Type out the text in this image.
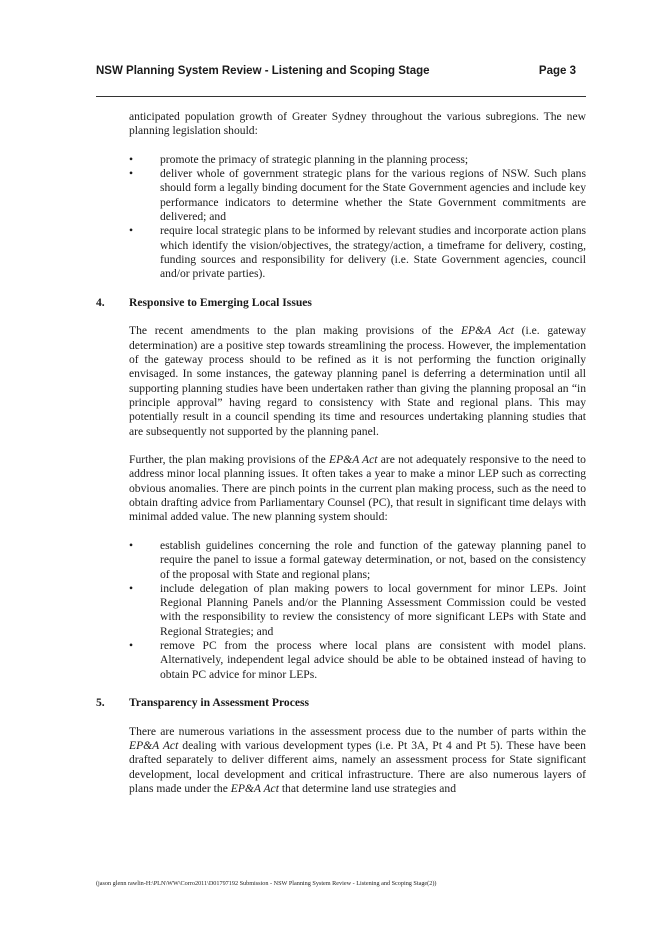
NSW Planning System Review - Listening and Scoping Stage	Page 3

anticipated population growth of Greater Sydney throughout the various subregions. The new planning legislation should:

•	promote the primacy of strategic planning in the planning process;
•	deliver whole of government strategic plans for the various regions of NSW. Such plans should form a legally binding document for the State Government agencies and include key performance indicators to determine whether the State Government commitments are delivered; and
•	require local strategic plans to be informed by relevant studies and incorporate action plans which identify the vision/objectives, the strategy/action, a timeframe for delivery, costing, funding sources and responsibility for delivery (i.e. State Government agencies, council and/or private parties).
4. Responsive to Emerging Local Issues

The recent amendments to the plan making provisions of the EP&A Act (i.e. gateway determination) are a positive step towards streamlining the process. However, the implementation of the gateway process should to be refined as it is not performing the function originally envisaged. In some instances, the gateway planning panel is deferring a determination until all supporting planning studies have been undertaken rather than giving the planning proposal an “in principle approval” having regard to consistency with State and regional plans. This may potentially result in a council spending its time and resources undertaking planning studies that are subsequently not supported by the planning panel.

Further, the plan making provisions of the EP&A Act are not adequately responsive to the need to address minor local planning issues. It often takes a year to make a minor LEP such as correcting obvious anomalies. There are pinch points in the current plan making process, such as the need to obtain drafting advice from Parliamentary Counsel (PC), that result in significant time delays with minimal added value. The new planning system should:

•	establish guidelines concerning the role and function of the gateway planning panel to require the panel to issue a formal gateway determination, or not, based on the consistency of the proposal with State and regional plans;
•	include delegation of plan making powers to local government for minor LEPs. Joint Regional Planning Panels and/or the Planning Assessment Commission could be vested with the responsibility to review the consistency of more significant LEPs with State and Regional Strategies; and
•	remove PC from the process where local plans are consistent with model plans. Alternatively, independent legal advice should be able to be obtained instead of having to obtain PC advice for minor LEPs.
5. Transparency in Assessment Process

There are numerous variations in the assessment process due to the number of parts within the EP&A Act dealing with various development types (i.e. Pt 3A, Pt 4 and Pt 5). These have been drafted separately to deliver different aims, namely an assessment process for State significant development, local development and critical infrastructure. There are also numerous layers of plans made under the EP&A Act that determine land use strategies and

(jason glenn rawlin-H:\PLN\WW\Corro2011\D01797192 Submission - NSW Planning System Review - Listening and Scoping Stage(2))
